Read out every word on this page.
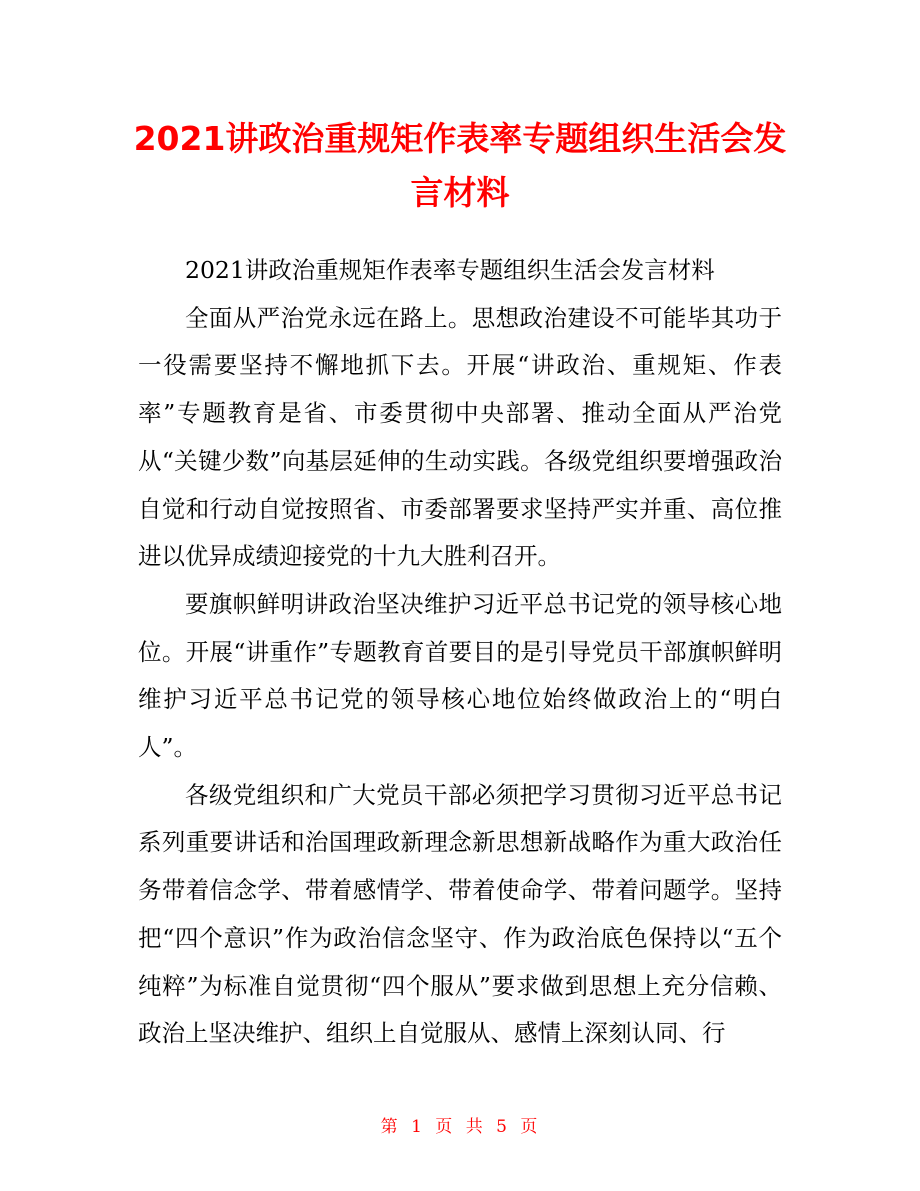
2021讲政治重规矩作表率专题组织生活会发言材料

2021讲政治重规矩作表率专题组织生活会发言材料

全面从严治党永远在路上。思想政治建设不可能毕其功于一役需要坚持不懈地抓下去。开展“讲政治、重规矩、作表率”专题教育是省、市委贯彻中央部署、推动全面从严治党从“关键少数”向基层延伸的生动实践。各级党组织要增强政治自觉和行动自觉按照省、市委部署要求坚持严实并重、高位推进以优异成绩迎接党的十九大胜利召开。

要旗帜鲜明讲政治坚决维护习近平总书记党的领导核心地位。开展“讲重作”专题教育首要目的是引导党员干部旗帜鲜明维护习近平总书记党的领导核心地位始终做政治上的“明白人”。

各级党组织和广大党员干部必须把学习贯彻习近平总书记系列重要讲话和治国理政新理念新思想新战略作为重大政治任务带着信念学、带着感情学、带着使命学、带着问题学。坚持把“四个意识”作为政治信念坚守、作为政治底色保持以“五个纯粹”为标准自觉贯彻“四个服从”要求做到思想上充分信赖、政治上坚决维护、组织上自觉服从、感情上深刻认同、行

第 1 页 共 5 页
